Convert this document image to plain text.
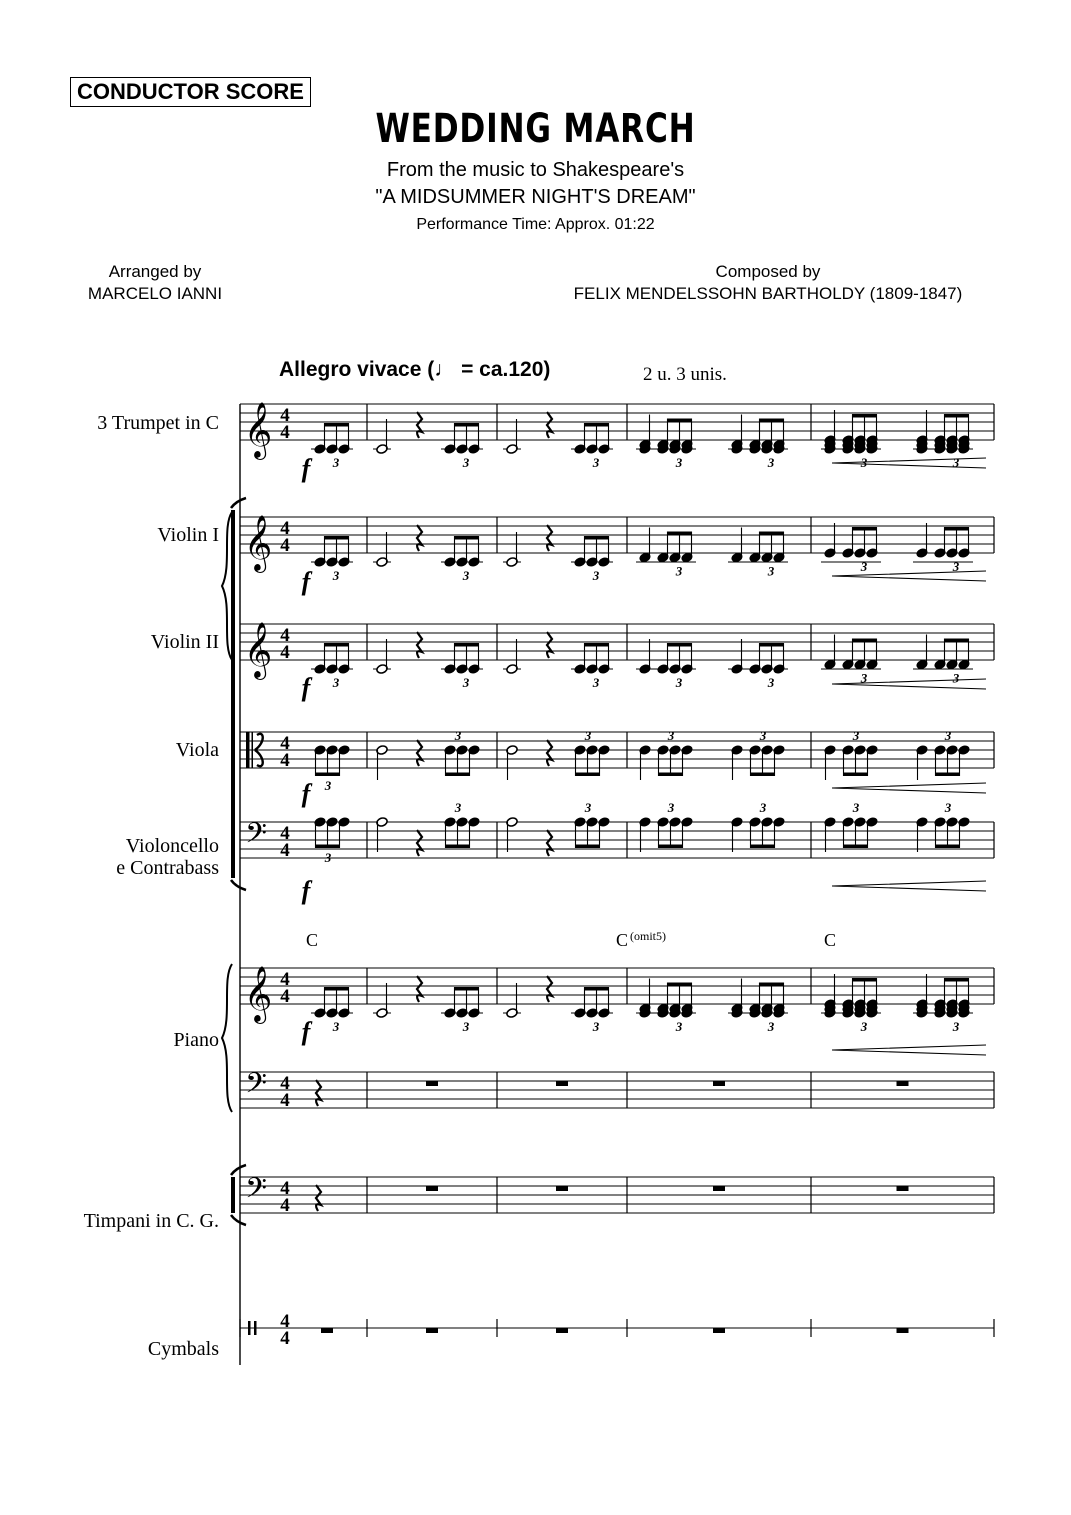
CONDUCTOR SCORE
WEDDING MARCH
From the music to Shakespeare's
"A MIDSUMMER NIGHT'S DREAM"
Performance Time: Approx. 01:22
Arranged by
MARCELO IANNI
Composed by
FELIX MENDELSSOHN BARTHOLDY (1809-1847)
Allegro vivace (♩ = ca.120)	2 u. 3 unis.
3 Trumpet in C
Violin I
Violin II
Viola
Violoncello
e Contrabass
Piano
Timpani in C. G.
Cymbals
C	C (omit5)	C
𝄞 4
4
3	3	3	3	3	3	3
f
𝄞 4
4
3	3	3	3	3	3	3
f
𝄞 4
4
3	3	3	3	3	3	3
f
4
4
3
3	3	3	3	3	3
f
𝄢 4
4	3
3	3	3	3	3	3
f
𝄞 4
4
3	3	3	3	3	3	3
f
𝄢 4
4
𝄢 4
4
4
4
